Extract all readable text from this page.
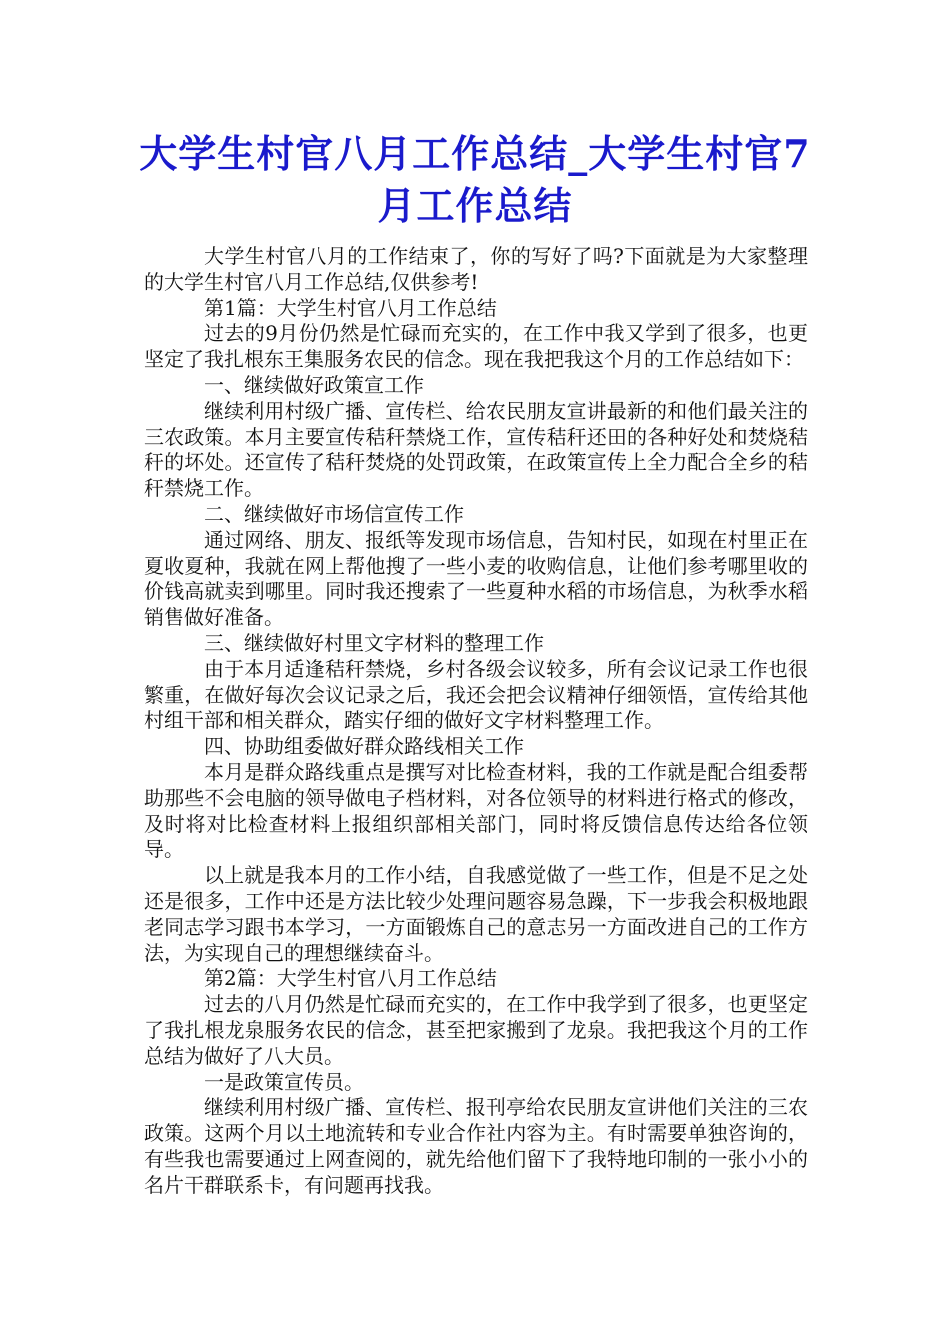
大学生村官八月工作总结_大学生村官7月工作总结

大学生村官八月的工作结束了，你的写好了吗?下面就是为大家整理的大学生村官八月工作总结,仅供参考!

第1篇：大学生村官八月工作总结

过去的9月份仍然是忙碌而充实的，在工作中我又学到了很多，也更坚定了我扎根东王集服务农民的信念。现在我把我这个月的工作总结如下：

一、继续做好政策宣工作

继续利用村级广播、宣传栏、给农民朋友宣讲最新的和他们最关注的三农政策。本月主要宣传秸秆禁烧工作，宣传秸秆还田的各种好处和焚烧秸秆的坏处。还宣传了秸秆焚烧的处罚政策，在政策宣传上全力配合全乡的秸秆禁烧工作。

二、继续做好市场信宣传工作

通过网络、朋友、报纸等发现市场信息，告知村民，如现在村里正在夏收夏种，我就在网上帮他搜了一些小麦的收购信息，让他们参考哪里收的价钱高就卖到哪里。同时我还搜索了一些夏种水稻的市场信息，为秋季水稻销售做好准备。

三、继续做好村里文字材料的整理工作

由于本月适逢秸秆禁烧，乡村各级会议较多，所有会议记录工作也很繁重，在做好每次会议记录之后，我还会把会议精神仔细领悟，宣传给其他村组干部和相关群众，踏实仔细的做好文字材料整理工作。

四、协助组委做好群众路线相关工作

本月是群众路线重点是撰写对比检查材料，我的工作就是配合组委帮助那些不会电脑的领导做电子档材料，对各位领导的材料进行格式的修改，及时将对比检查材料上报组织部相关部门，同时将反馈信息传达给各位领导。

以上就是我本月的工作小结，自我感觉做了一些工作，但是不足之处还是很多，工作中还是方法比较少处理问题容易急躁，下一步我会积极地跟老同志学习跟书本学习，一方面锻炼自己的意志另一方面改进自己的工作方法，为实现自己的理想继续奋斗。

第2篇：大学生村官八月工作总结

过去的八月仍然是忙碌而充实的，在工作中我学到了很多，也更坚定了我扎根龙泉服务农民的信念，甚至把家搬到了龙泉。我把我这个月的工作总结为做好了八大员。

一是政策宣传员。

继续利用村级广播、宣传栏、报刊亭给农民朋友宣讲他们关注的三农政策。这两个月以土地流转和专业合作社内容为主。有时需要单独咨询的，有些我也需要通过上网查阅的，就先给他们留下了我特地印制的一张小小的名片干群联系卡，有问题再找我。
